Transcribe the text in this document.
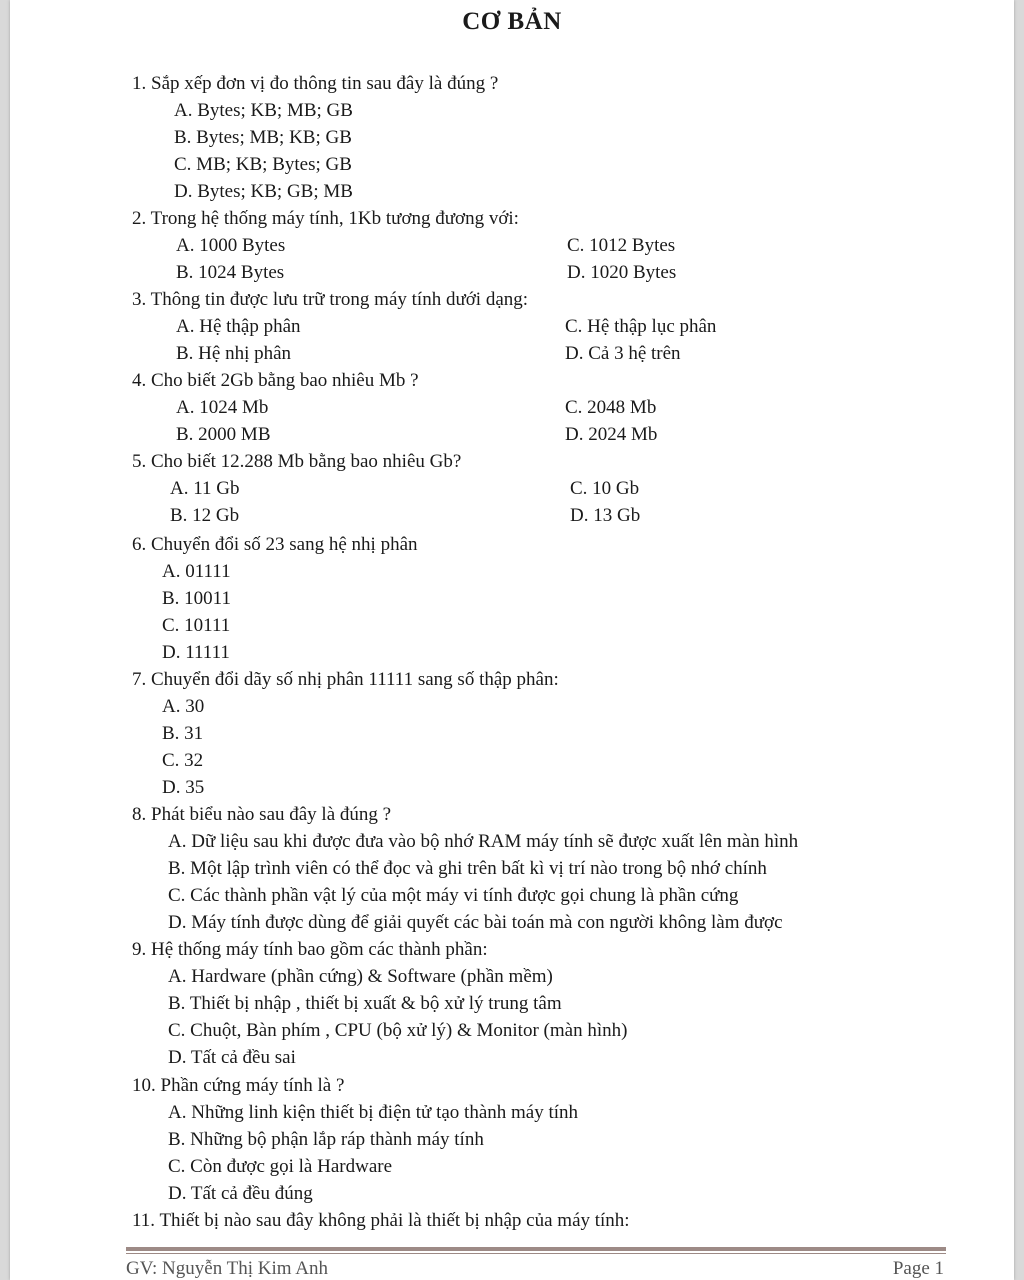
CƠ BẢN
1. Sắp xếp đơn vị đo thông tin sau đây là đúng ?
A. Bytes; KB; MB; GB
B. Bytes; MB; KB; GB
C. MB; KB; Bytes; GB
D. Bytes; KB; GB; MB
2. Trong hệ thống máy tính, 1Kb tương đương với:
A. 1000 Bytes	C. 1012 Bytes
B. 1024 Bytes	D. 1020 Bytes
3. Thông tin được lưu trữ trong máy tính dưới dạng:
A. Hệ thập phân	C. Hệ thập lục phân
B. Hệ nhị phân	D. Cả 3 hệ trên
4. Cho biết 2Gb bằng bao nhiêu Mb ?
A. 1024 Mb	C. 2048 Mb
B. 2000 MB	D. 2024 Mb
5. Cho biết 12.288 Mb bằng bao nhiêu Gb?
A. 11 Gb	C. 10 Gb
B. 12 Gb	D. 13 Gb
6. Chuyển đổi số 23 sang hệ nhị phân
A. 01111
B. 10011
C. 10111
D. 11111
7. Chuyển đổi dãy số nhị phân 11111 sang số thập phân:
A. 30
B. 31
C. 32
D. 35
8. Phát biểu nào sau đây là đúng ?
A. Dữ liệu sau khi được đưa vào bộ nhớ RAM máy tính sẽ được xuất lên màn hình
B. Một lập trình viên có thể đọc và ghi trên bất kì vị trí nào trong bộ nhớ chính
C. Các thành phần vật lý của một máy vi tính được gọi chung là phần cứng
D. Máy tính được dùng để giải quyết các bài toán mà con người không làm được
9. Hệ thống máy tính bao gồm các thành phần:
A. Hardware (phần cứng) & Software (phần mềm)
B. Thiết bị nhập , thiết bị xuất & bộ xử lý trung tâm
C. Chuột, Bàn phím , CPU (bộ xử lý) & Monitor (màn hình)
D. Tất cả đều sai
10. Phần cứng máy tính là ?
A. Những linh kiện thiết bị điện tử tạo thành máy tính
B. Những bộ phận lắp ráp thành máy tính
C. Còn được gọi là Hardware
D. Tất cả đều đúng
11. Thiết bị nào sau đây không phải là thiết bị nhập của máy tính:
GV: Nguyễn Thị Kim Anh	Page 1
